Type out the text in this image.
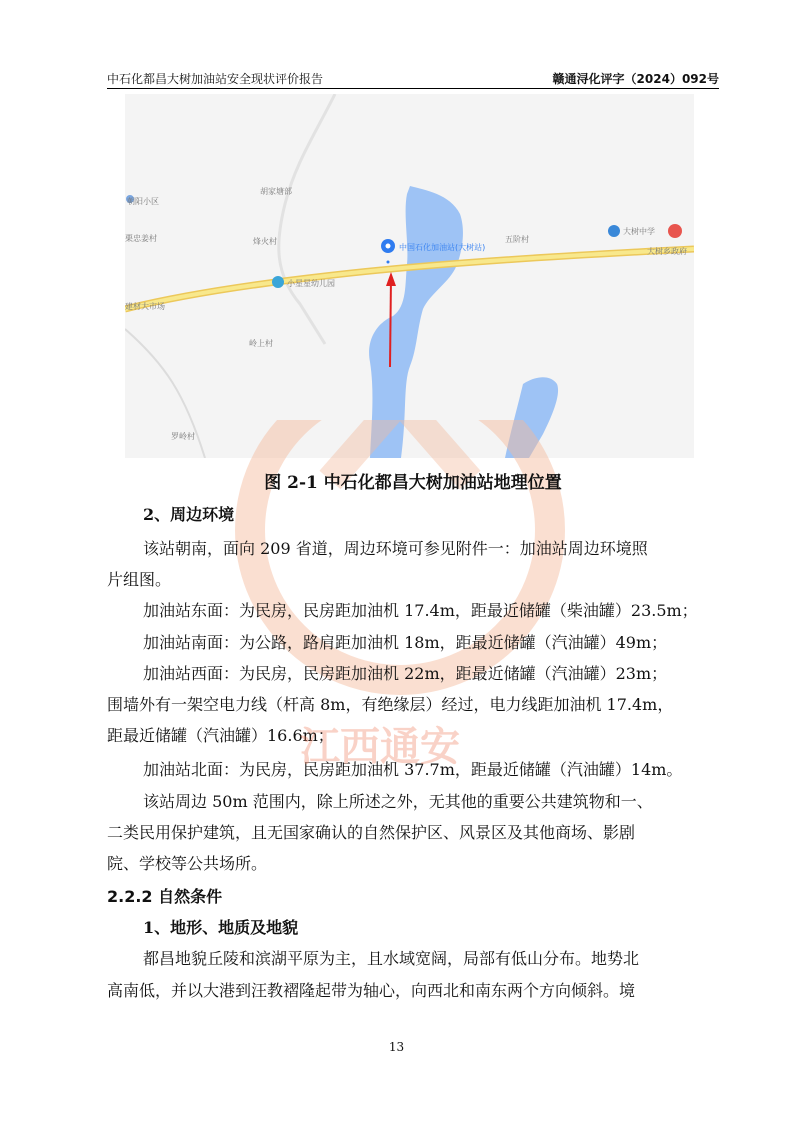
中石化都昌大树加油站安全现状评价报告	赣通浔化评字（2024）092号
朝阳小区
胡家塘部
栗忠姜村	烽火村
中国石化加油站(大树站)
五阶村
大树中学
大树乡政府
小星星幼儿园
建材大市场
岭上村
罗岭村
图 2-1 中石化都昌大树加油站地理位置
2、周边环境
该站朝南，面向 209 省道，周边环境可参见附件一：加油站周边环境照
片组图。
加油站东面：为民房，民房距加油机 17.4m，距最近储罐（柴油罐）23.5m；
加油站南面：为公路，路肩距加油机 18m，距最近储罐（汽油罐）49m；
加油站西面：为民房，民房距加油机 22m，距最近储罐（汽油罐）23m；
围墙外有一架空电力线（杆高 8m，有绝缘层）经过，电力线距加油机 17.4m，
距最近储罐（汽油罐）16.6m；
加油站北面：为民房，民房距加油机 37.7m，距最近储罐（汽油罐）14m。
该站周边 50m 范围内，除上所述之外，无其他的重要公共建筑物和一、
二类民用保护建筑，且无国家确认的自然保护区、风景区及其他商场、影剧
院、学校等公共场所。
2.2.2 自然条件
1、地形、地质及地貌
都昌地貌丘陵和滨湖平原为主，且水域宽阔，局部有低山分布。地势北
高南低，并以大港到汪教褶隆起带为轴心，向西北和南东两个方向倾斜。境
江西通安
13
